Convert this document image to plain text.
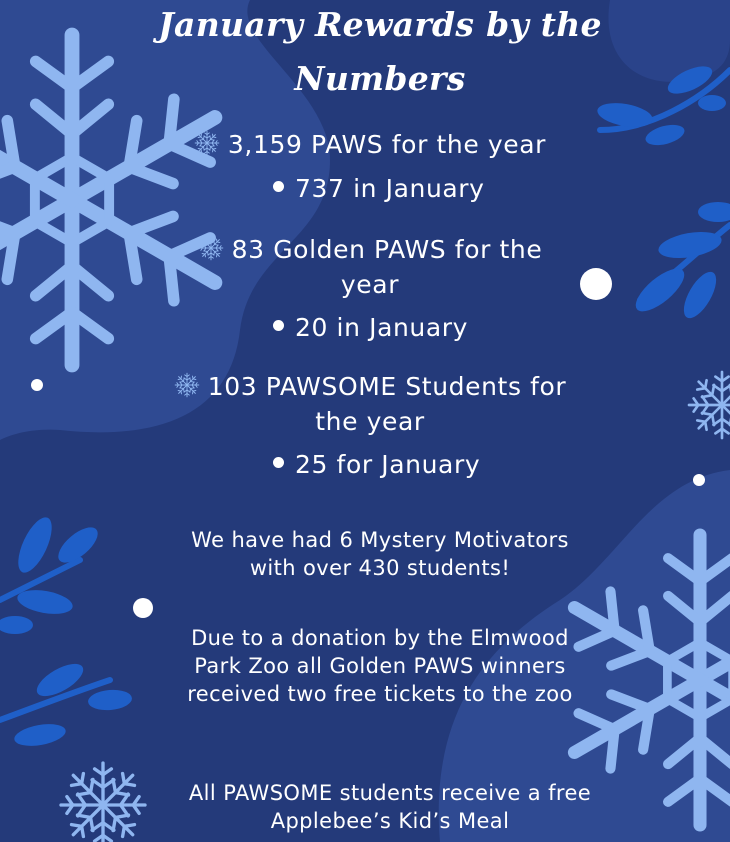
January Rewards by the Numbers
3,159 PAWS for the year
737 in January
83 Golden PAWS for the year
20 in January
103 PAWSOME Students for the year
25 for January
We have had 6 Mystery Motivators with over 430 students!
Due to a donation by the Elmwood Park Zoo all Golden PAWS winners received two free tickets to the zoo
All PAWSOME students receive a free Applebee’s Kid’s Meal
